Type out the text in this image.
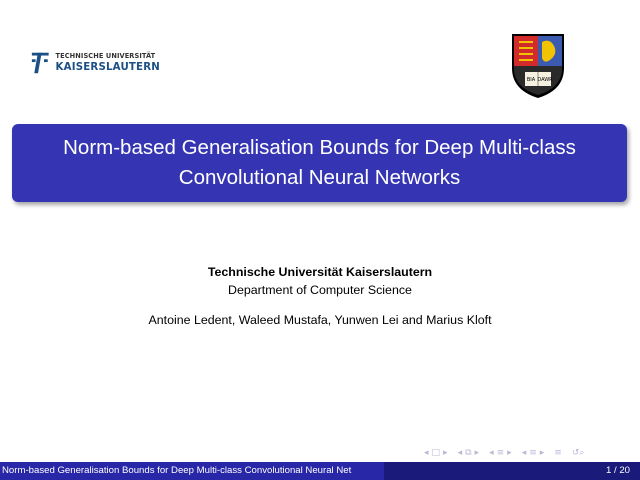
TECHNISCHE UNIVERSITÄT
KAISERSLAUTERN
BIA DAWR
Norm-based Generalisation Bounds for Deep Multi-class Convolutional Neural Networks
Technische Universität Kaiserslautern
Department of Computer Science
Antoine Ledent, Waleed Mustafa, Yunwen Lei and Marius Kloft
◂ □ ▸ ◂ ⧉ ▸ ◂ ≡ ▸ ◂ ≡ ▸ ≡ ↺⌕
Norm-based Generalisation Bounds for Deep Multi-class Convolutional Neural Net	1 / 20
